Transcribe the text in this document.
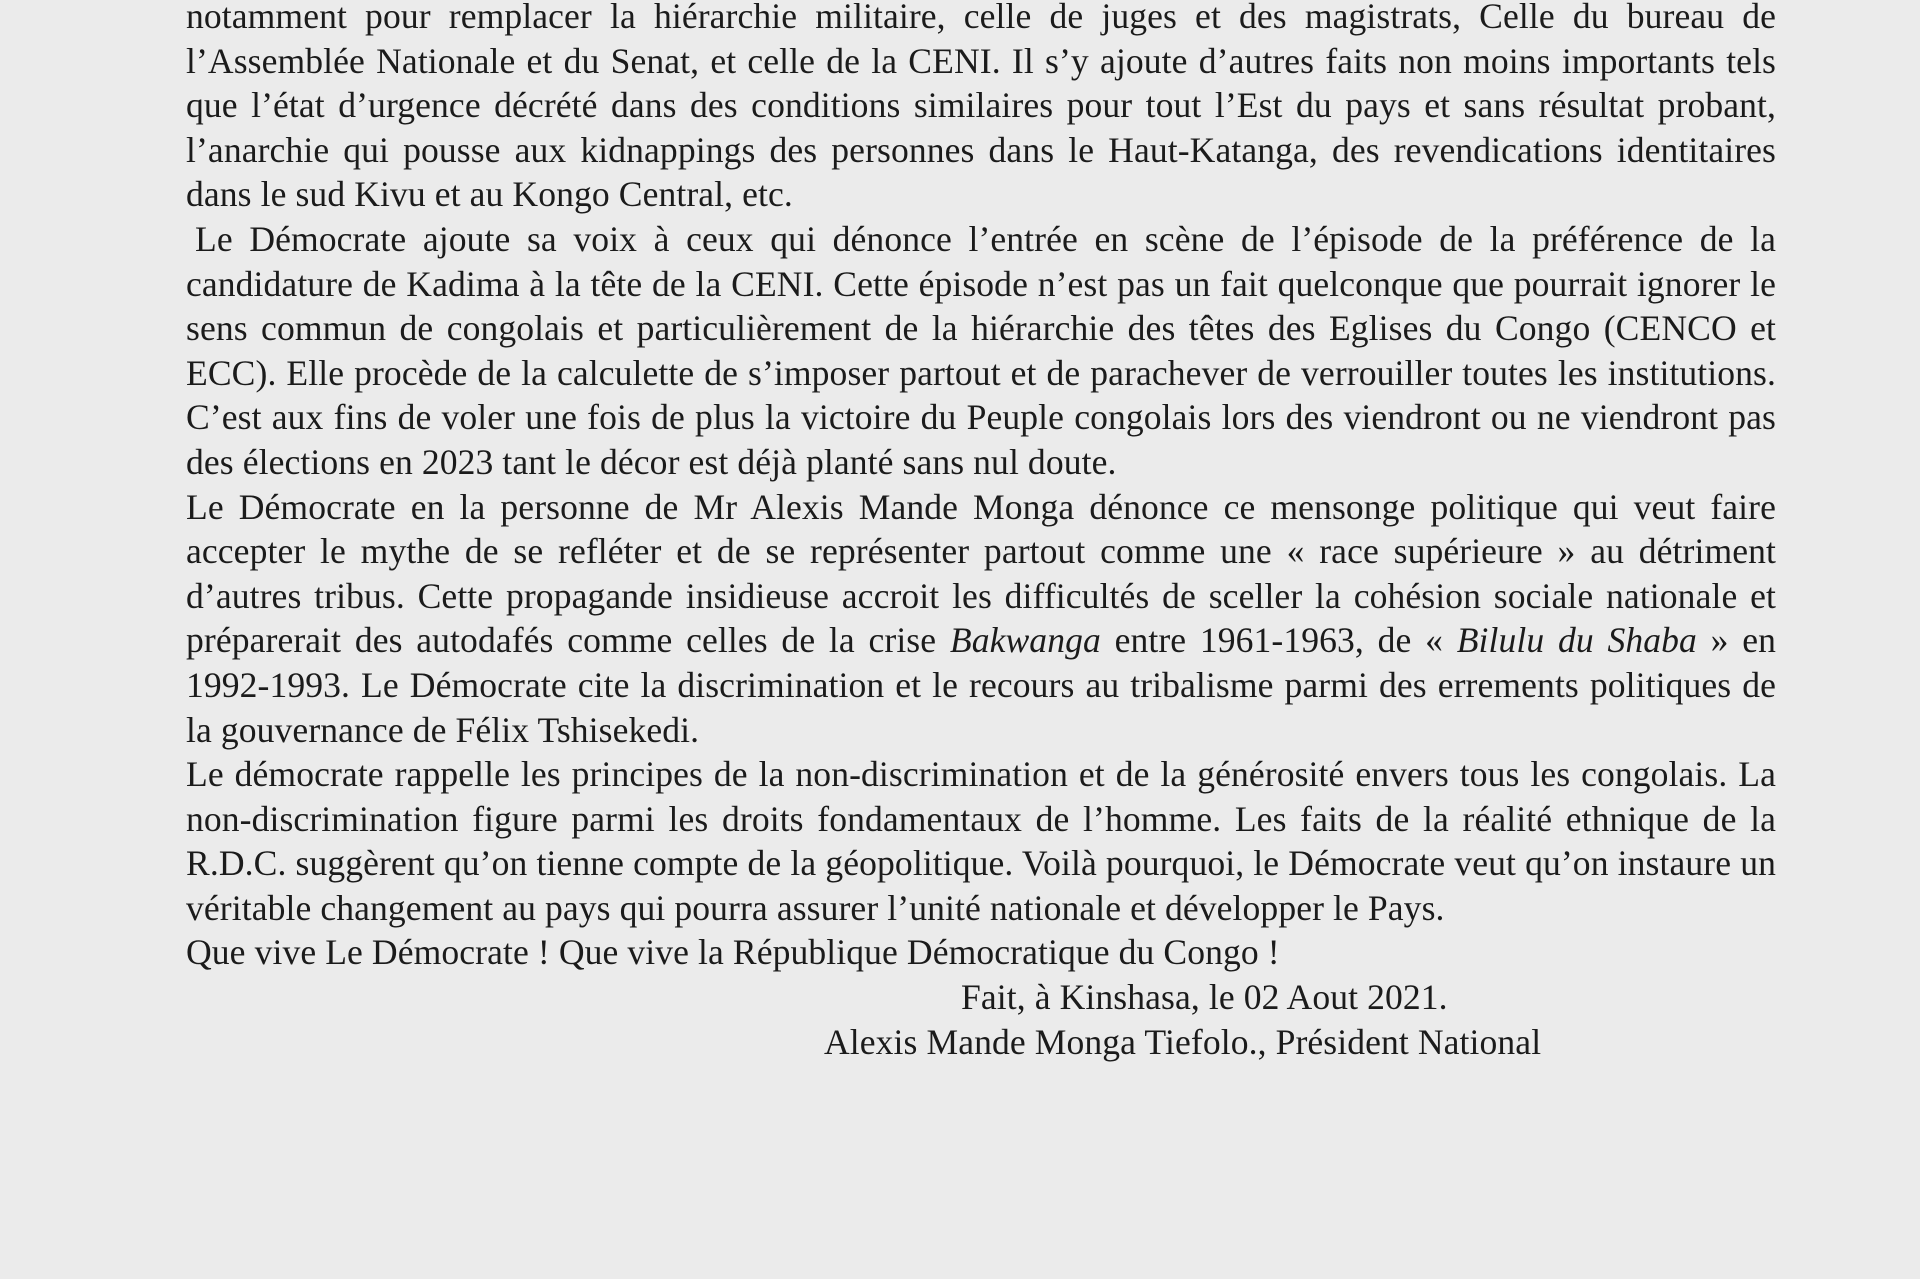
notamment pour remplacer la hiérarchie militaire, celle de juges et des magistrats, Celle du bureau de l’Assemblée Nationale et du Senat, et celle de la CENI. Il s’y ajoute d’autres faits non moins importants tels que l’état d’urgence décrété dans des conditions similaires pour tout l’Est du pays et sans résultat probant, l’anarchie qui pousse aux kidnappings des personnes dans le Haut-Katanga, des revendications identitaires dans le sud Kivu et au Kongo Central, etc.

Le Démocrate ajoute sa voix à ceux qui dénonce l’entrée en scène de l’épisode de la préférence de la candidature de Kadima à la tête de la CENI. Cette épisode n’est pas un fait quelconque que pourrait ignorer le sens commun de congolais et particulièrement de la hiérarchie des têtes des Eglises du Congo (CENCO et ECC). Elle procède de la calculette de s’imposer partout et de parachever de verrouiller toutes les institutions. C’est aux fins de voler une fois de plus la victoire du Peuple congolais lors des viendront ou ne viendront pas des élections en 2023 tant le décor est déjà planté sans nul doute.

Le Démocrate en la personne de Mr Alexis Mande Monga dénonce ce mensonge politique qui veut faire accepter le mythe de se refléter et de se représenter partout comme une « race supérieure » au détriment d’autres tribus. Cette propagande insidieuse accroit les difficultés de sceller la cohésion sociale nationale et préparerait des autodafés comme celles de la crise Bakwanga entre 1961-1963, de « Bilulu du Shaba » en 1992-1993. Le Démocrate cite la discrimination et le recours au tribalisme parmi des errements politiques de la gouvernance de Félix Tshisekedi.

Le démocrate rappelle les principes de la non-discrimination et de la générosité envers tous les congolais. La non-discrimination figure parmi les droits fondamentaux de l’homme. Les faits de la réalité ethnique de la R.D.C. suggèrent qu’on tienne compte de la géopolitique. Voilà pourquoi, le Démocrate veut qu’on instaure un véritable changement au pays qui pourra assurer l’unité nationale et développer le Pays.

Que vive Le Démocrate ! Que vive la République Démocratique du Congo !

Fait, à Kinshasa, le 02 Aout 2021.

Alexis Mande Monga Tiefolo., Président National
